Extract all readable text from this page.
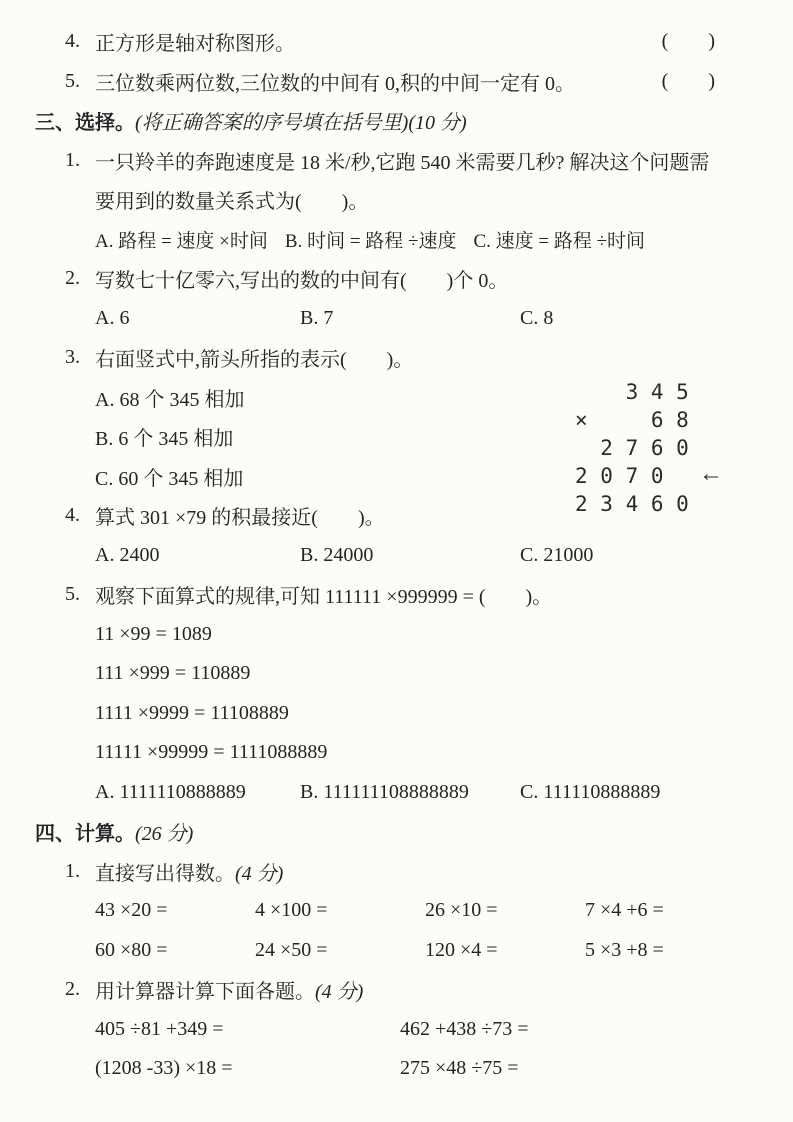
4. 正方形是轴对称图形。	(        )
5. 三位数乘两位数,三位数的中间有 0,积的中间一定有 0。	(        )
三、选择。 (将正确答案的序号填在括号里)(10 分)
1. 一只羚羊的奔跑速度是 18 米/秒,它跑 540 米需要几秒? 解决这个问题需
要用到的数量关系式为(        )。
A. 路程 = 速度 ×时间 B. 时间 = 路程 ÷速度 C. 速度 = 路程 ÷时间
2. 写数七十亿零六,写出的数的中间有(        )个 0。
A. 6	B. 7	C. 8
3. 右面竖式中,箭头所指的表示(        )。
A. 68 个 345 相加
B. 6 个 345 相加
C. 60 个 345 相加
4. 算式 301 ×79 的积最接近(        )。
A. 2400	B. 24000	C. 21000
5. 观察下面算式的规律,可知 111111 ×999999 = (        )。
11 ×99 = 1089
111 ×999 = 110889
1111 ×9999 = 11108889
11111 ×99999 = 1111088889
A. 1111110888889	B. 111111108888889	C. 111110888889
四、计算。 (26 分)
1. 直接写出得数。 (4 分)
43 ×20 =	4 ×100 =	26 ×10 =	7 ×4 +6 =
60 ×80 =	24 ×50 =	120 ×4 =	5 ×3 +8 =
2. 用计算器计算下面各题。 (4 分)
405 ÷81 +349 =	462 +438 ÷73 =
(1208 -33) ×18 =	275 ×48 ÷75 =
3 4 5
×     6 8
2 7 6 0
2 0 7 0
2 3 4 6 0
←
